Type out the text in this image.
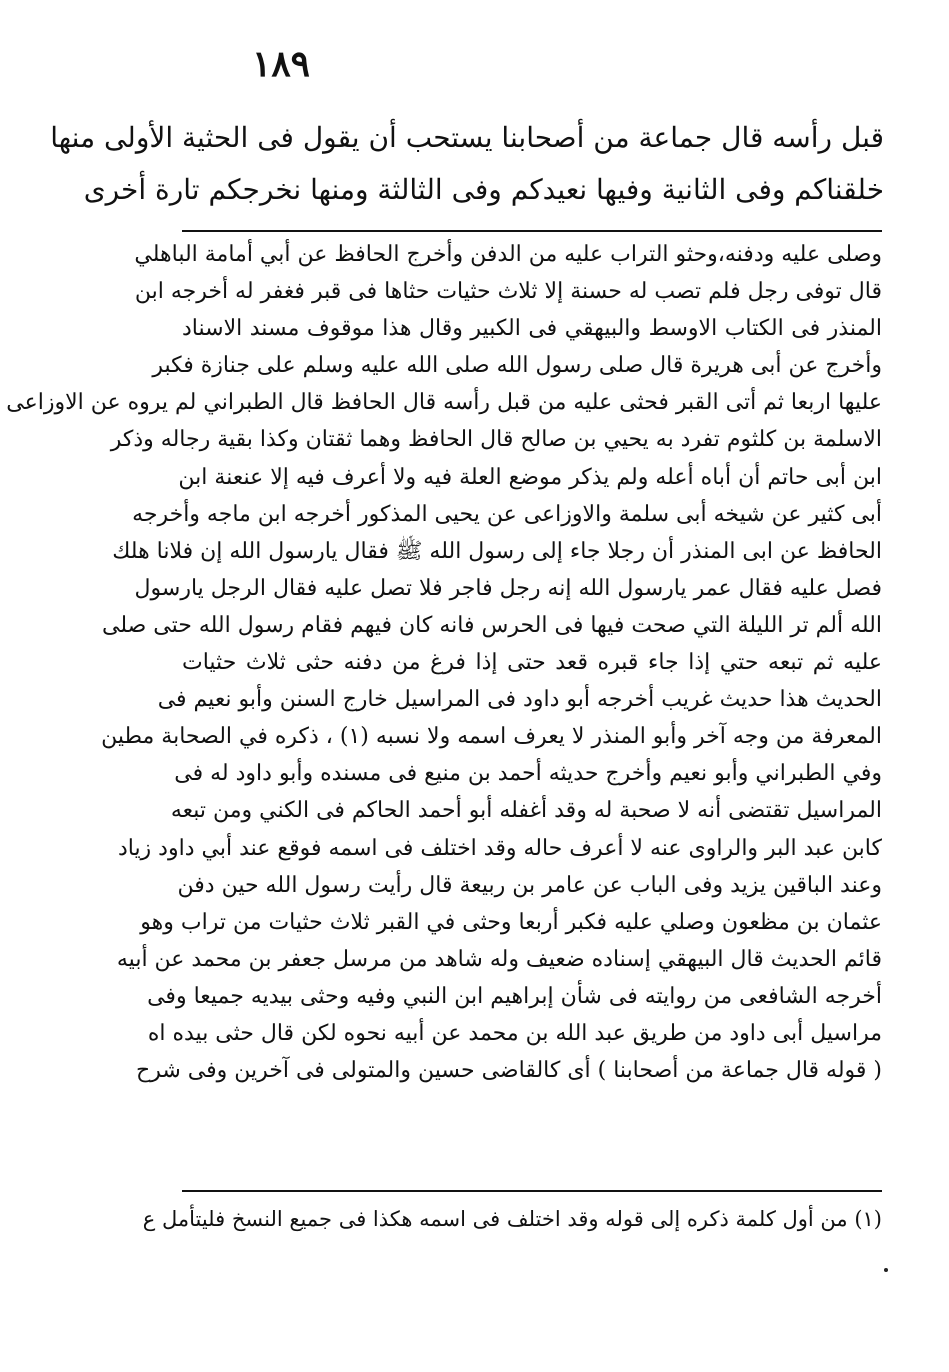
١٨٩
قبل رأسه قال جماعة من أصحابنا يستحب أن يقول فى الحثية الأولى منها
خلقناكم وفى الثانية وفيها نعيدكم وفى الثالثة ومنها نخرجكم تارة أخرى
وصلى عليه ودفنه،وحثو التراب عليه من الدفن وأخرج الحافظ عن أبي أمامة الباهلي
قال توفى رجل فلم تصب له حسنة إلا ثلاث حثيات حثاها فى قبر فغفر له أخرجه ابن
المنذر فى الكتاب الاوسط والبيهقي فى الكبير وقال هذا موقوف مسند الاسناد
وأخرج عن أبى هريرة قال صلى رسول الله صلى الله عليه وسلم على جنازة فكبر
عليها اربعا ثم أتى القبر فحثى عليه من قبل رأسه قال الحافظ قال الطبراني لم يروه عن الاوزاعى
الاسلمة بن كلثوم تفرد به يحيي بن صالح قال الحافظ وهما ثقتان وكذا بقية رجاله وذكر
ابن أبى حاتم أن أباه أعله ولم يذكر موضع العلة فيه ولا أعرف فيه إلا عنعنة ابن
أبى كثير عن شيخه أبى سلمة والاوزاعى عن يحيى المذكور أخرجه ابن ماجه وأخرجه
الحافظ عن ابى المنذر أن رجلا جاء إلى رسول الله ﷺ فقال يارسول الله إن فلانا هلك
فصل عليه فقال عمر يارسول الله إنه رجل فاجر فلا تصل عليه فقال الرجل يارسول
الله ألم تر الليلة التي صحت فيها فى الحرس فانه كان فيهم فقام رسول الله حتى صلى
عليه ثم تبعه حتي إذا جاء قبره قعد حتى إذا فرغ من دفنه حثى ثلاث حثيات
الحديث هذا حديث غريب أخرجه أبو داود فى المراسيل خارج السنن وأبو نعيم فى
المعرفة من وجه آخر وأبو المنذر لا يعرف اسمه ولا نسبه (١) ، ذكره في الصحابة مطين
وفي الطبراني وأبو نعيم وأخرج حديثه أحمد بن منيع فى مسنده وأبو داود له فى
المراسيل تقتضى أنه لا صحبة له وقد أغفله أبو أحمد الحاكم فى الكني ومن تبعه
كابن عبد البر والراوى عنه لا أعرف حاله وقد اختلف فى اسمه فوقع عند أبي داود زياد
وعند الباقين يزيد وفى الباب عن عامر بن ربيعة قال رأيت رسول الله حين دفن
عثمان بن مظعون وصلي عليه فكبر أربعا وحثى في القبر ثلاث حثيات من تراب وهو
قائم الحديث قال البيهقي إسناده ضعيف وله شاهد من مرسل جعفر بن محمد عن أبيه
أخرجه الشافعى من روايته فى شأن إبراهيم ابن النبي وفيه وحثى بيديه جميعا وفى
مراسيل أبى داود من طريق عبد الله بن محمد عن أبيه نحوه لكن قال حثى بيده اه
( قوله قال جماعة من أصحابنا ) أى كالقاضى حسين والمتولى فى آخرين وفى شرح
(١) من أول كلمة ذكره إلى قوله وقد اختلف فى اسمه هكذا فى جميع النسخ فليتأمل ع
